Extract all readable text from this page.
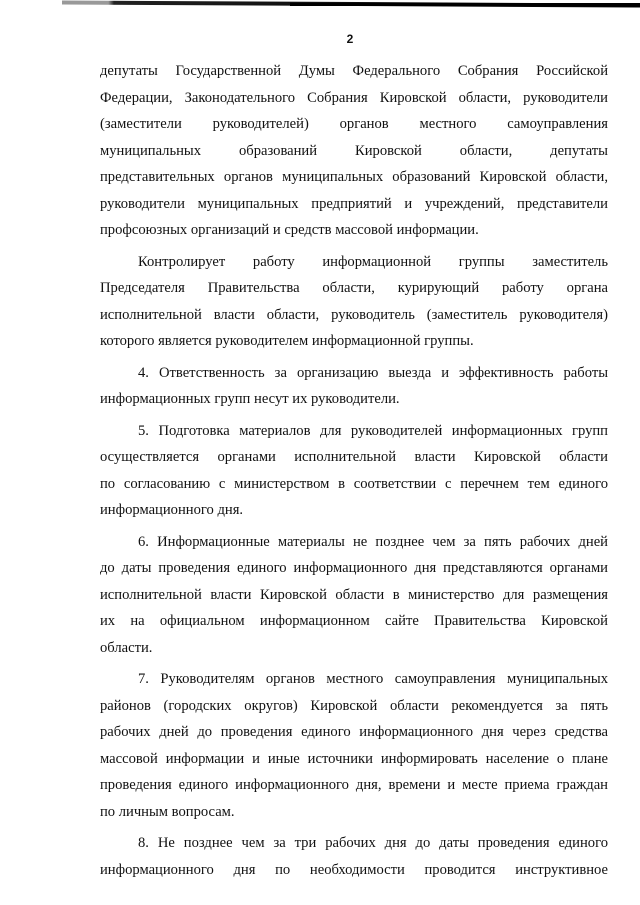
2
депутаты Государственной Думы Федерального Собрания Российской
Федерации, Законодательного Собрания Кировской области, руководители
(заместители руководителей) органов местного самоуправления
муниципальных образований Кировской области, депутаты
представительных органов муниципальных образований Кировской области,
руководители муниципальных предприятий и учреждений, представители
профсоюзных организаций и средств массовой информации.
Контролирует работу информационной группы заместитель
Председателя Правительства области, курирующий работу органа
исполнительной власти области, руководитель (заместитель руководителя)
которого является руководителем информационной группы.
4. Ответственность за организацию выезда и эффективность работы
информационных групп несут их руководители.
5. Подготовка материалов для руководителей информационных групп
осуществляется органами исполнительной власти Кировской области
по согласованию с министерством в соответствии с перечнем тем единого
информационного дня.
6. Информационные материалы не позднее чем за пять рабочих дней
до даты проведения единого информационного дня представляются органами
исполнительной власти Кировской области в министерство для размещения
их на официальном информационном сайте Правительства Кировской
области.
7. Руководителям органов местного самоуправления муниципальных
районов (городских округов) Кировской области рекомендуется за пять
рабочих дней до проведения единого информационного дня через средства
массовой информации и иные источники информировать население о плане
проведения единого информационного дня, времени и месте приема граждан
по личным вопросам.
8. Не позднее чем за три рабочих дня до даты проведения единого
информационного дня по необходимости проводится инструктивное
